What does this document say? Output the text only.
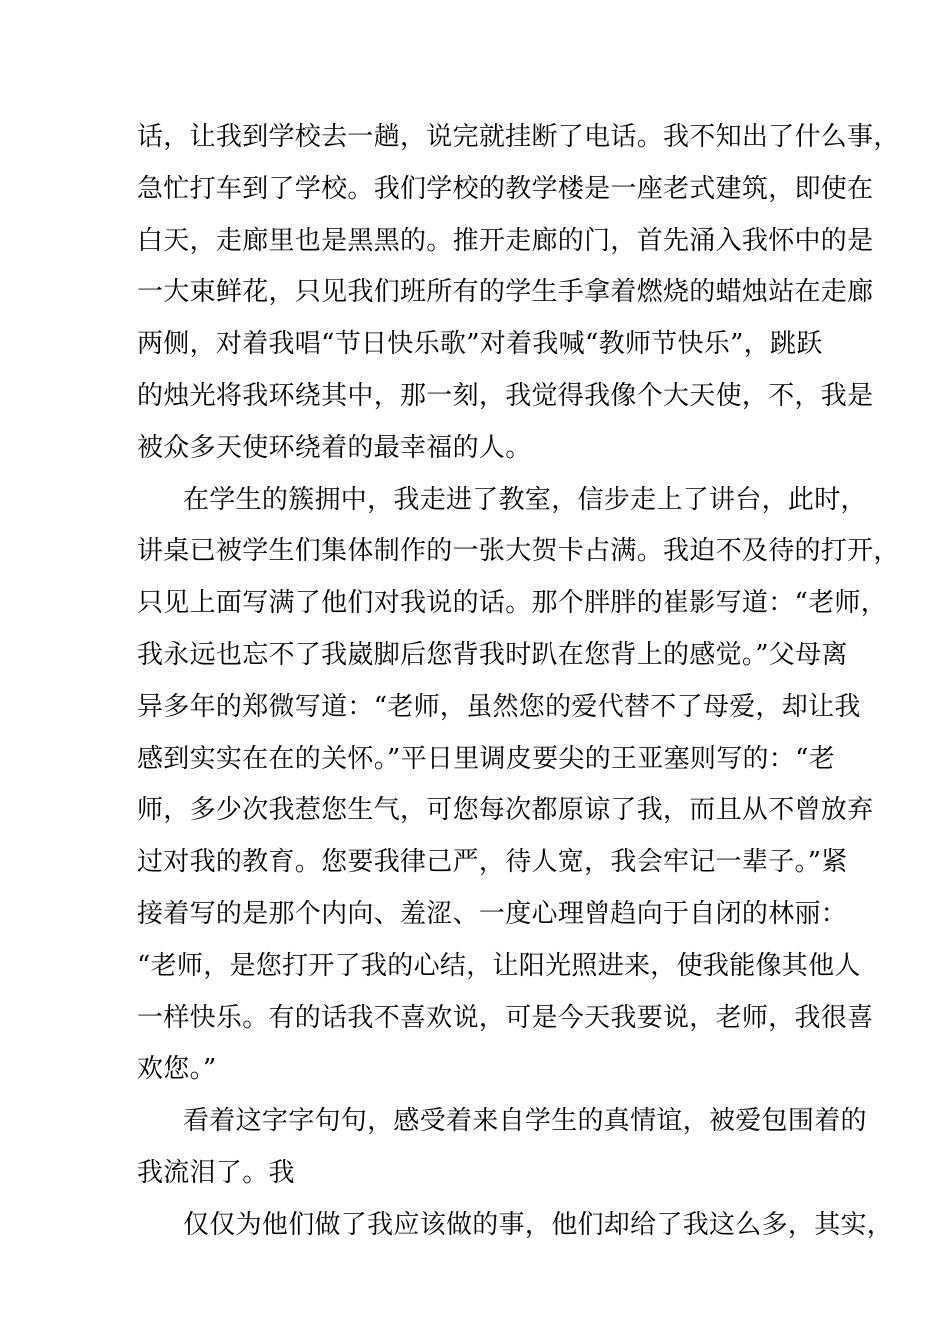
话，让我到学校去一趟，说完就挂断了电话。我不知出了什么事，
急忙打车到了学校。我们学校的教学楼是一座老式建筑，即使在
白天，走廊里也是黑黑的。推开走廊的门，首先涌入我怀中的是
一大束鲜花，只见我们班所有的学生手拿着燃烧的蜡烛站在走廊
两侧，对着我唱“节日快乐歌”对着我喊“教师节快乐”，跳跃
的烛光将我环绕其中，那一刻，我觉得我像个大天使，不，我是
被众多天使环绕着的最幸福的人。
在学生的簇拥中，我走进了教室，信步走上了讲台，此时，
讲桌已被学生们集体制作的一张大贺卡占满。我迫不及待的打开，
只见上面写满了他们对我说的话。那个胖胖的崔影写道：“老师，
我永远也忘不了我崴脚后您背我时趴在您背上的感觉。”父母离
异多年的郑微写道：“老师，虽然您的爱代替不了母爱，却让我
感到实实在在的关怀。”平日里调皮要尖的王亚塞则写的：“老
师，多少次我惹您生气，可您每次都原谅了我，而且从不曾放弃
过对我的教育。您要我律己严，待人宽，我会牢记一辈子。”紧
接着写的是那个内向、羞涩、一度心理曾趋向于自闭的林丽：
“老师，是您打开了我的心结，让阳光照进来，使我能像其他人
一样快乐。有的话我不喜欢说，可是今天我要说，老师，我很喜
欢您。”
看着这字字句句，感受着来自学生的真情谊，被爱包围着的
我流泪了。我
仅仅为他们做了我应该做的事，他们却给了我这么多，其实，
